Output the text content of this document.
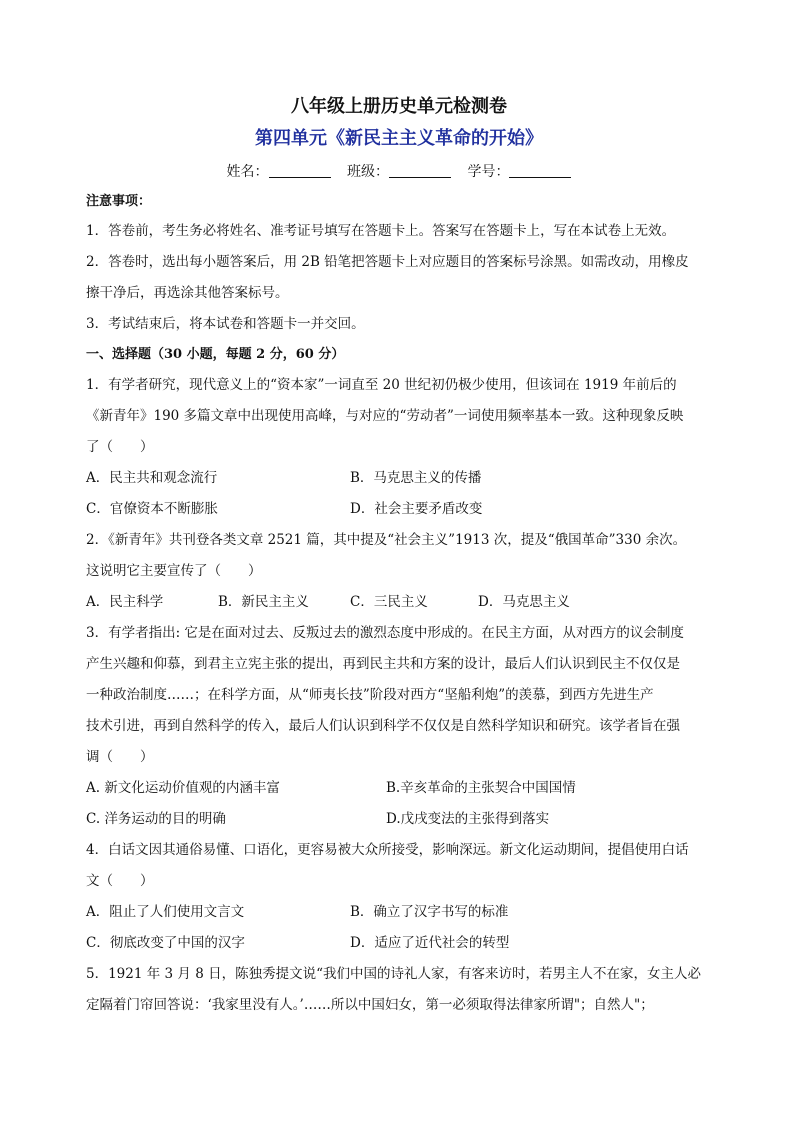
八年级上册历史单元检测卷
第四单元《新民主主义革命的开始》
姓名：	班级：	学号：
注意事项：
1．答卷前，考生务必将姓名、准考证号填写在答题卡上。答案写在答题卡上，写在本试卷上无效。
2．答卷时，选出每小题答案后，用 2B 铅笔把答题卡上对应题目的答案标号涂黑。如需改动，用橡皮
擦干净后，再选涂其他答案标号。
3．考试结束后，将本试卷和答题卡一并交回。
一、选择题（30 小题，每题 2 分，60 分）
1．有学者研究，现代意义上的“资本家”一词直至 20 世纪初仍极少使用，但该词在 1919 年前后的
《新青年》190 多篇文章中出现使用高峰，与对应的“劳动者”一词使用频率基本一致。这种现象反映
了（　　）
A．民主共和观念流行	B．马克思主义的传播
C．官僚资本不断膨胀	D．社会主要矛盾改变
2．《新青年》共刊登各类文章 2521 篇，其中提及“社会主义”1913 次，提及“俄国革命”330 余次。
这说明它主要宣传了（　　）
A．民主科学	B．新民主主义	C．三民主义	D．马克思主义
3．有学者指出: 它是在面对过去、反叛过去的激烈态度中形成的。在民主方面，从对西方的议会制度
产生兴趣和仰慕，到君主立宪主张的提出，再到民主共和方案的设计，最后人们认识到民主不仅仅是
一种政治制度……；在科学方面，从“师夷长技”阶段对西方“坚船利炮”的羡慕，到西方先进生产
技术引进，再到自然科学的传入，最后人们认识到科学不仅仅是自然科学知识和研究。该学者旨在强
调（　　）
A. 新文化运动价值观的内涵丰富	B.辛亥革命的主张契合中国国情
C. 洋务运动的目的明确	D.戊戌变法的主张得到落实
4．白话文因其通俗易懂、口语化，更容易被大众所接受，影响深远。新文化运动期间，提倡使用白话
文（　　）
A．阻止了人们使用文言文	B．确立了汉字书写的标准
C．彻底改变了中国的汉字	D．适应了近代社会的转型
5．1921 年 3 月 8 日，陈独秀提文说“我们中国的诗礼人家，有客来访时，若男主人不在家，女主人必
定隔着门帘回答说：‘我家里没有人。’……所以中国妇女，第一必须取得法律家所谓"；自然人"；
